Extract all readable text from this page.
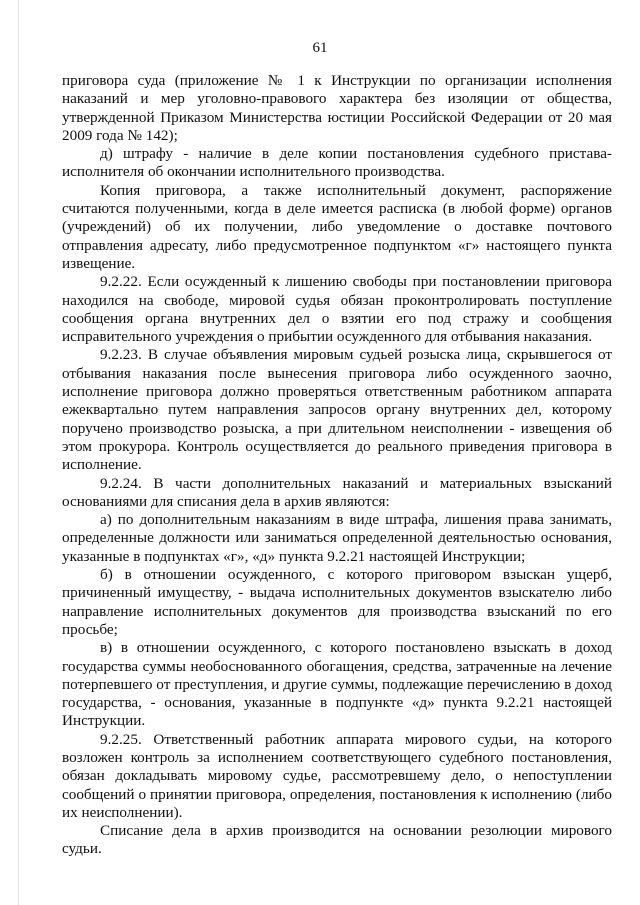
61

приговора суда (приложение № 1 к Инструкции по организации исполнения наказаний и мер уголовно-правового характера без изоляции от общества, утвержденной Приказом Министерства юстиции Российской Федерации от 20 мая 2009 года № 142);

д) штрафу - наличие в деле копии постановления судебного пристава-исполнителя об окончании исполнительного производства.

Копия приговора, а также исполнительный документ, распоряжение считаются полученными, когда в деле имеется расписка (в любой форме) органов (учреждений) об их получении, либо уведомление о доставке почтового отправления адресату, либо предусмотренное подпунктом «г» настоящего пункта извещение.

9.2.22. Если осужденный к лишению свободы при постановлении приговора находился на свободе, мировой судья обязан проконтролировать поступление сообщения органа внутренних дел о взятии его под стражу и сообщения исправительного учреждения о прибытии осужденного для отбывания наказания.

9.2.23. В случае объявления мировым судьей розыска лица, скрывшегося от отбывания наказания после вынесения приговора либо осужденного заочно, исполнение приговора должно проверяться ответственным работником аппарата ежеквартально путем направления запросов органу внутренних дел, которому поручено производство розыска, а при длительном неисполнении - извещения об этом прокурора. Контроль осуществляется до реального приведения приговора в исполнение.

9.2.24. В части дополнительных наказаний и материальных взысканий основаниями для списания дела в архив являются:

а) по дополнительным наказаниям в виде штрафа, лишения права занимать, определенные должности или заниматься определенной деятельностью основания, указанные в подпунктах «г», «д» пункта 9.2.21 настоящей Инструкции;

б) в отношении осужденного, с которого приговором взыскан ущерб, причиненный имуществу, - выдача исполнительных документов взыскателю либо направление исполнительных документов для производства взысканий по его просьбе;

в) в отношении осужденного, с которого постановлено взыскать в доход государства суммы необоснованного обогащения, средства, затраченные на лечение потерпевшего от преступления, и другие суммы, подлежащие перечислению в доход государства, - основания, указанные в подпункте «д» пункта 9.2.21 настоящей Инструкции.

9.2.25. Ответственный работник аппарата мирового судьи, на которого возложен контроль за исполнением соответствующего судебного постановления, обязан докладывать мировому судье, рассмотревшему дело, о непоступлении сообщений о принятии приговора, определения, постановления к исполнению (либо их неисполнении).

Списание дела в архив производится на основании резолюции мирового судьи.
